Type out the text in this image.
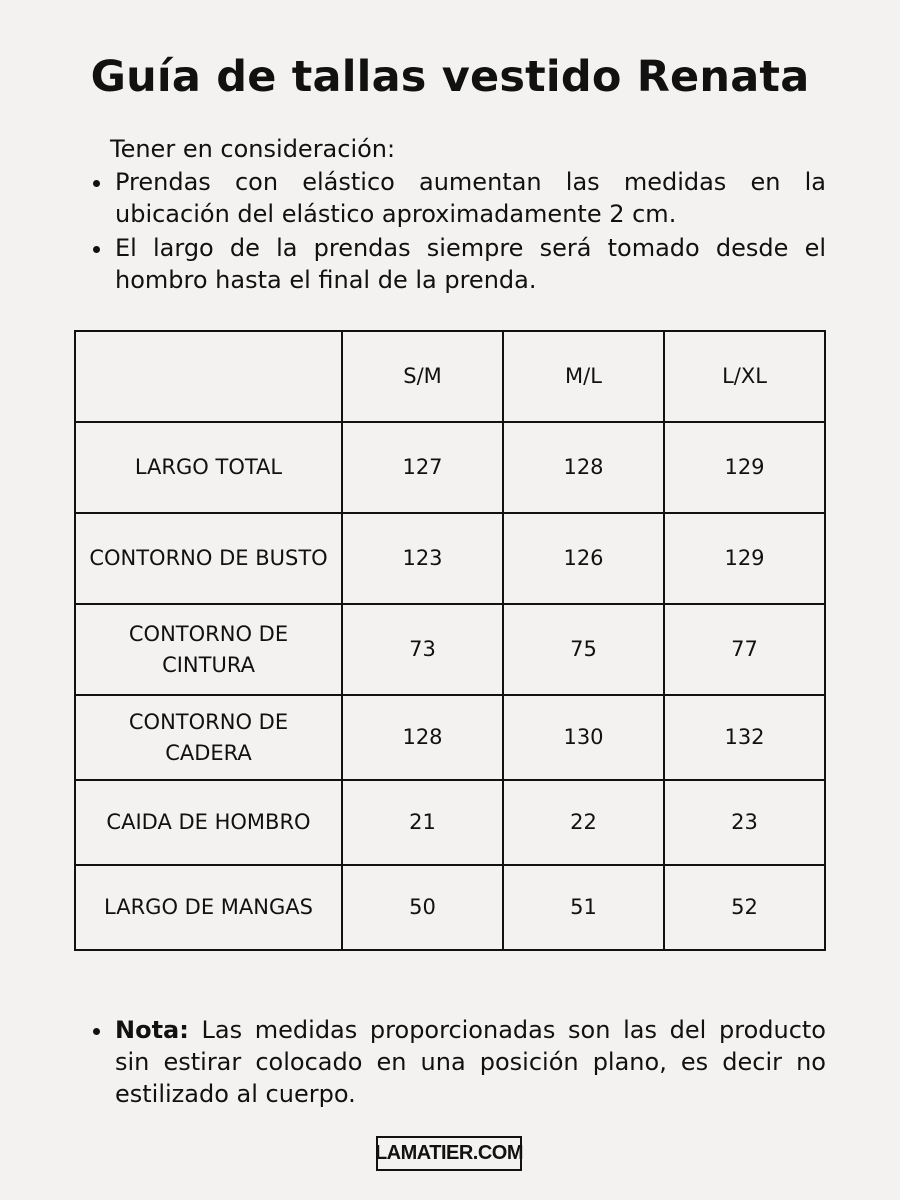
Guía de tallas vestido Renata
Tener en consideración:
Prendas con elástico aumentan las medidas en la ubicación del elástico aproximadamente 2 cm.
El largo de la prendas siempre será tomado desde el hombro hasta el final de la prenda.
	S/M	M/L	L/XL
LARGO TOTAL	127	128	129
CONTORNO DE BUSTO	123	126	129
CONTORNO DE CINTURA	73	75	77
CONTORNO DE CADERA	128	130	132
CAIDA DE HOMBRO	21	22	23
LARGO DE MANGAS	50	51	52
Nota: Las medidas proporcionadas son las del producto sin estirar colocado en una posición plano, es decir no estilizado al cuerpo.
LAMATIER.COM
